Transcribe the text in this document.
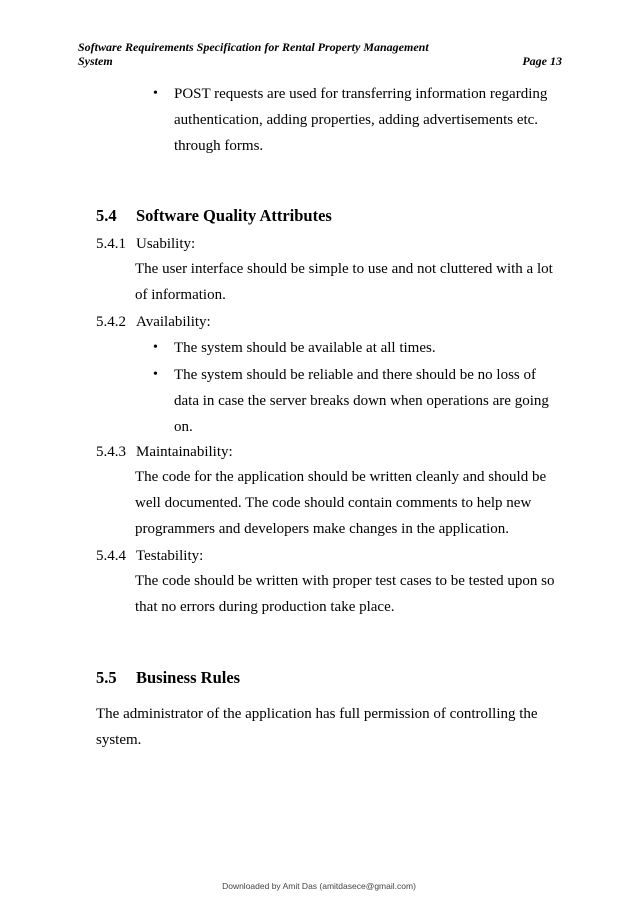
Software Requirements Specification for Rental Property Management
System	Page 13
• POST requests are used for transferring information regarding authentication, adding properties, adding advertisements etc. through forms.
5.4 Software Quality Attributes
5.4.1 Usability:

The user interface should be simple to use and not cluttered with a lot of information.

5.4.2 Availability:
• The system should be available at all times.
• The system should be reliable and there should be no loss of data in case the server breaks down when operations are going on.
5.4.3 Maintainability:

The code for the application should be written cleanly and should be well documented. The code should contain comments to help new programmers and developers make changes in the application.

5.4.4 Testability:

The code should be written with proper test cases to be tested upon so that no errors during production take place.

5.5 Business Rules

The administrator of the application has full permission of controlling the system.

Downloaded by Amit Das (amitdasece@gmail.com)
